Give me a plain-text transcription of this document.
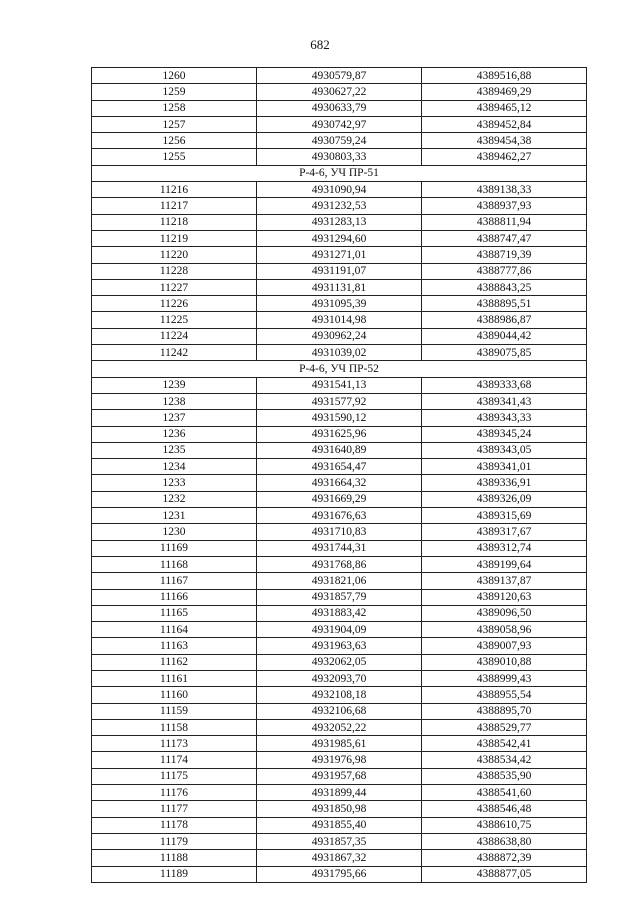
682
1260	4930579,87	4389516,88
1259	4930627,22	4389469,29
1258	4930633,79	4389465,12
1257	4930742,97	4389452,84
1256	4930759,24	4389454,38
1255	4930803,33	4389462,27
Р-4-6, УЧ ПР-51		
11216	4931090,94	4389138,33
11217	4931232,53	4388937,93
11218	4931283,13	4388811,94
11219	4931294,60	4388747,47
11220	4931271,01	4388719,39
11228	4931191,07	4388777,86
11227	4931131,81	4388843,25
11226	4931095,39	4388895,51
11225	4931014,98	4388986,87
11224	4930962,24	4389044,42
11242	4931039,02	4389075,85
Р-4-6, УЧ ПР-52		
1239	4931541,13	4389333,68
1238	4931577,92	4389341,43
1237	4931590,12	4389343,33
1236	4931625,96	4389345,24
1235	4931640,89	4389343,05
1234	4931654,47	4389341,01
1233	4931664,32	4389336,91
1232	4931669,29	4389326,09
1231	4931676,63	4389315,69
1230	4931710,83	4389317,67
11169	4931744,31	4389312,74
11168	4931768,86	4389199,64
11167	4931821,06	4389137,87
11166	4931857,79	4389120,63
11165	4931883,42	4389096,50
11164	4931904,09	4389058,96
11163	4931963,63	4389007,93
11162	4932062,05	4389010,88
11161	4932093,70	4388999,43
11160	4932108,18	4388955,54
11159	4932106,68	4388895,70
11158	4932052,22	4388529,77
11173	4931985,61	4388542,41
11174	4931976,98	4388534,42
11175	4931957,68	4388535,90
11176	4931899,44	4388541,60
11177	4931850,98	4388546,48
11178	4931855,40	4388610,75
11179	4931857,35	4388638,80
11188	4931867,32	4388872,39
11189	4931795,66	4388877,05
